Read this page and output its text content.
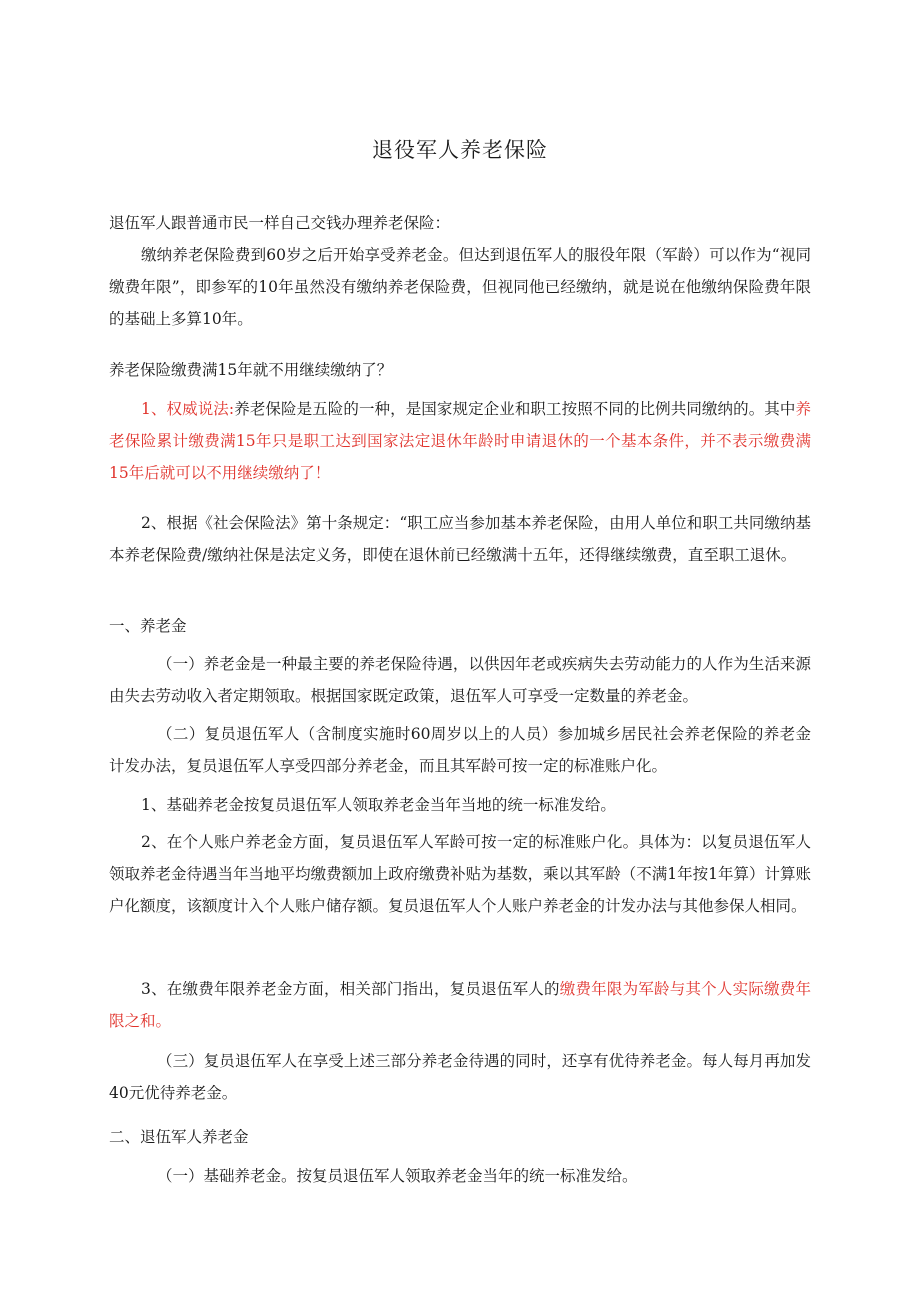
退役军人养老保险

退伍军人跟普通市民一样自己交钱办理养老保险：

缴纳养老保险费到60岁之后开始享受养老金。但达到退伍军人的服役年限（军龄）可以作为“视同缴费年限”，即参军的10年虽然没有缴纳养老保险费，但视同他已经缴纳，就是说在他缴纳保险费年限的基础上多算10年。

养老保险缴费满15年就不用继续缴纳了？

1、权威说法:养老保险是五险的一种，是国家规定企业和职工按照不同的比例共同缴纳的。其中养老保险累计缴费满15年只是职工达到国家法定退休年龄时申请退休的一个基本条件，并不表示缴费满15年后就可以不用继续缴纳了！

2、根据《社会保险法》第十条规定：“职工应当参加基本养老保险，由用人单位和职工共同缴纳基本养老保险费/缴纳社保是法定义务，即使在退休前已经缴满十五年，还得继续缴费，直至职工退休。

一、养老金

（一）养老金是一种最主要的养老保险待遇，以供因年老或疾病失去劳动能力的人作为生活来源由失去劳动收入者定期领取。根据国家既定政策，退伍军人可享受一定数量的养老金。

（二）复员退伍军人（含制度实施时60周岁以上的人员）参加城乡居民社会养老保险的养老金计发办法，复员退伍军人享受四部分养老金，而且其军龄可按一定的标准账户化。

1、基础养老金按复员退伍军人领取养老金当年当地的统一标准发给。

2、在个人账户养老金方面，复员退伍军人军龄可按一定的标准账户化。具体为：以复员退伍军人领取养老金待遇当年当地平均缴费额加上政府缴费补贴为基数，乘以其军龄（不满1年按1年算）计算账户化额度，该额度计入个人账户储存额。复员退伍军人个人账户养老金的计发办法与其他参保人相同。

3、在缴费年限养老金方面，相关部门指出，复员退伍军人的缴费年限为军龄与其个人实际缴费年限之和。

（三）复员退伍军人在享受上述三部分养老金待遇的同时，还享有优待养老金。每人每月再加发40元优待养老金。

二、退伍军人养老金

（一）基础养老金。按复员退伍军人领取养老金当年的统一标准发给。
